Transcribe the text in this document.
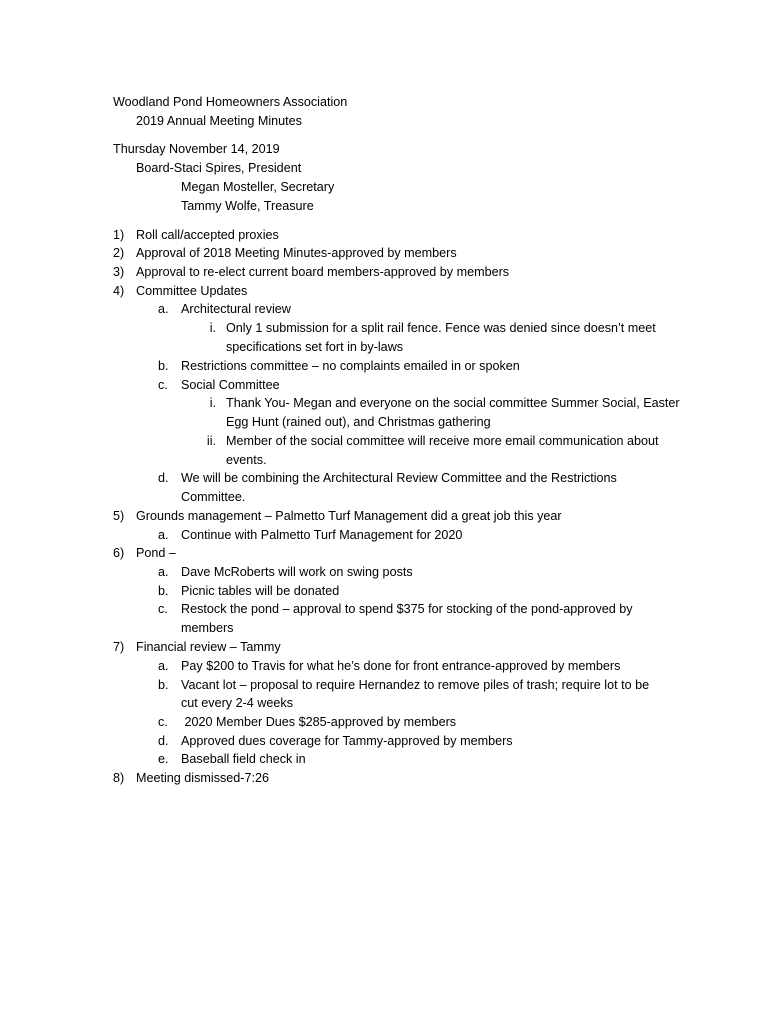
Woodland Pond Homeowners Association
2019 Annual Meeting Minutes
Thursday November 14, 2019
Board-Staci Spires, President
Megan Mosteller, Secretary
Tammy Wolfe, Treasure
1) Roll call/accepted proxies
2) Approval of 2018 Meeting Minutes-approved by members
3) Approval to re-elect current board members-approved by members
4) Committee Updates
a. Architectural review
i. Only 1 submission for a split rail fence. Fence was denied since doesn’t meet
specifications set fort in by-laws
b. Restrictions committee – no complaints emailed in or spoken
c. Social Committee
i. Thank You- Megan and everyone on the social committee Summer Social, Easter
Egg Hunt (rained out), and Christmas gathering
ii. Member of the social committee will receive more email communication about
events.
d. We will be combining the Architectural Review Committee and the Restrictions
Committee.
5) Grounds management – Palmetto Turf Management did a great job this year
a. Continue with Palmetto Turf Management for 2020
6) Pond –
a. Dave McRoberts will work on swing posts
b. Picnic tables will be donated
c. Restock the pond – approval to spend $375 for stocking of the pond-approved by
members
7) Financial review – Tammy
a. Pay $200 to Travis for what he’s done for front entrance-approved by members
b. Vacant lot – proposal to require Hernandez to remove piles of trash; require lot to be
cut every 2-4 weeks
c. 2020 Member Dues $285-approved by members
d. Approved dues coverage for Tammy-approved by members
e. Baseball field check in
8) Meeting dismissed-7:26
